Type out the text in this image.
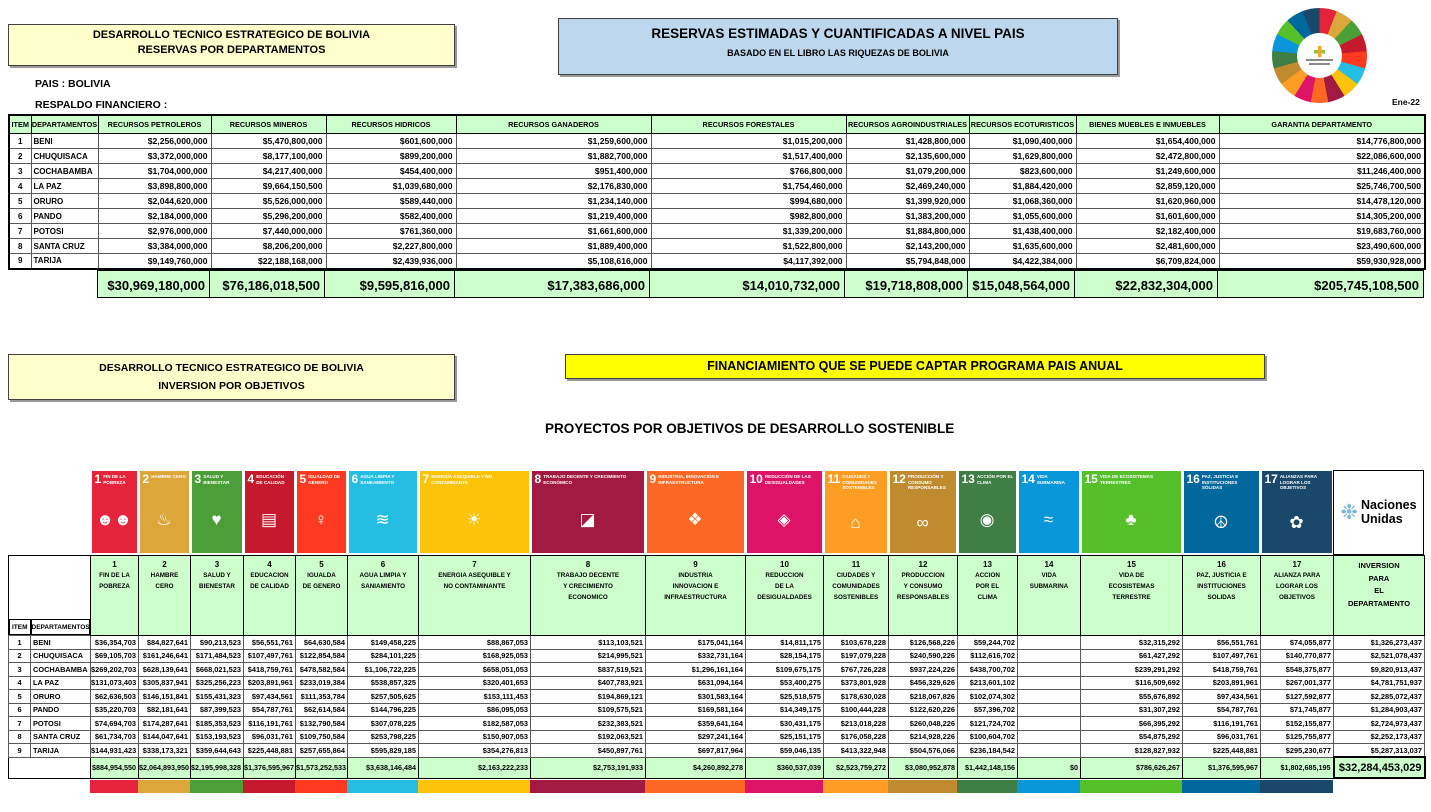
DESARROLLO TECNICO ESTRATEGICO DE BOLIVIA
RESERVAS POR DEPARTAMENTOS
RESERVAS ESTIMADAS Y CUANTIFICADAS A NIVEL PAIS
BASADO EN EL LIBRO LAS RIQUEZAS DE BOLIVIA
PAIS : BOLIVIA
RESPALDO FINANCIERO :	Ene-22
ITEM	DEPARTAMENTOS	RECURSOS PETROLEROS	RECURSOS MINEROS	RECURSOS HIDRICOS	RECURSOS GANADEROS	RECURSOS FORESTALES	RECURSOS AGROINDUSTRIALES	RECURSOS ECOTURISTICOS	BIENES MUEBLES E INMUEBLES	GARANTIA DEPARTAMENTO
1	BENI	$2,256,000,000	$5,470,800,000	$601,600,000	$1,259,600,000	$1,015,200,000	$1,428,800,000	$1,090,400,000	$1,654,400,000	$14,776,800,000
2	CHUQUISACA	$3,372,000,000	$8,177,100,000	$899,200,000	$1,882,700,000	$1,517,400,000	$2,135,600,000	$1,629,800,000	$2,472,800,000	$22,086,600,000
3	COCHABAMBA	$1,704,000,000	$4,217,400,000	$454,400,000	$951,400,000	$766,800,000	$1,079,200,000	$823,600,000	$1,249,600,000	$11,246,400,000
4	LA PAZ	$3,898,800,000	$9,664,150,500	$1,039,680,000	$2,176,830,000	$1,754,460,000	$2,469,240,000	$1,884,420,000	$2,859,120,000	$25,746,700,500
5	ORURO	$2,044,620,000	$5,526,000,000	$589,440,000	$1,234,140,000	$994,680,000	$1,399,920,000	$1,068,360,000	$1,620,960,000	$14,478,120,000
6	PANDO	$2,184,000,000	$5,296,200,000	$582,400,000	$1,219,400,000	$982,800,000	$1,383,200,000	$1,055,600,000	$1,601,600,000	$14,305,200,000
7	POTOSI	$2,976,000,000	$7,440,000,000	$761,360,000	$1,661,600,000	$1,339,200,000	$1,884,800,000	$1,438,400,000	$2,182,400,000	$19,683,760,000
8	SANTA CRUZ	$3,384,000,000	$8,206,200,000	$2,227,800,000	$1,889,400,000	$1,522,800,000	$2,143,200,000	$1,635,600,000	$2,481,600,000	$23,490,600,000
9	TARIJA	$9,149,760,000	$22,188,168,000	$2,439,936,000	$5,108,616,000	$4,117,392,000	$5,794,848,000	$4,422,384,000	$6,709,824,000	$59,930,928,000
$30,969,180,000	$76,186,018,500	$9,595,816,000	$17,383,686,000	$14,010,732,000	$19,718,808,000 $15,048,564,000	$22,832,304,000	$205,745,108,500
DESARROLLO TECNICO ESTRATEGICO DE BOLIVIA
INVERSION POR OBJETIVOS
FINANCIAMIENTO QUE SE PUEDE CAPTAR PROGRAMA PAIS ANUAL
PROYECTOS POR OBJETIVOS DE DESARROLLO SOSTENIBLE
1 FIN DE LA POBREZA
☻☻
2 HAMBRE CERO
♨
3 SALUD Y BIENESTAR
♥
4 EDUCACIÓN DE CALIDAD
▤
5 IGUALDAD DE GÉNERO
♀
6 AGUA LIMPIA Y SANEAMIENTO
≋
7 ENERGÍA ASEQUIBLE Y NO CONTAMINANTE
☀
8 TRABAJO DECENTE Y CRECIMIENTO ECONÓMICO
◪
9 INDUSTRIA, INNOVACIÓN E INFRAESTRUCTURA
❖
10 REDUCCIÓN DE LAS DESIGUALDADES
◈
11 CIUDADES Y COMUNIDADES SOSTENIBLES
⌂
12 PRODUCCIÓN Y CONSUMO RESPONSABLES
∞
13 ACCIÓN POR EL CLIMA
◉
14 VIDA SUBMARINA
≈
15 VIDA DE ECOSISTEMAS TERRESTRES
♣
16 PAZ, JUSTICIA E INSTITUCIONES SÓLIDAS
☮
17 ALIANZAS PARA LOGRAR LOS OBJETIVOS
✿	❉ Naciones
Unidas
ITEM	DEPARTAMENTOS

1
FIN DE LA
POBREZA

2
HAMBRE
CERO

3
SALUD Y
BIENESTAR

4
EDUCACION
DE CALIDAD

5
IGUALDA
DE GENERO

6
AGUA LIMPIA Y
SANIAMIENTO

7
ENERGIA ASEQUIBLE Y
NO CONTAMINANTE

8
TRABAJO DECENTE
Y CRECIMIENTO
ECONOMICO

9
INDUSTRIA
INNOVACION E
INFRAESTRUCTURA

10
REDUCCION
DE LA
DESIGUALDADES

11
CIUDADES Y
COMUNIDADES
SOSTENIBLES

12
PRODUCCION
Y CONSUMO
RESPONSABLES

13
ACCION
POR EL
CLIMA

14
VIDA
SUBMARINA

15
VIDA DE
ECOSISTEMAS
TERRESTRE

16
PAZ, JUSTICIA E
INSTITUCIONES
SOLIDAS

17
ALIANZA PARA
LOGRAR LOS
OBJETIVOS

INVERSION
PARA
EL
DEPARTAMENTO

1	BENI	$36,354,703	$84,827,641	$90,213,523	$56,551,761	$64,630,584	$149,458,225	$88,867,053	$113,103,521	$175,041,164	$14,811,175	$103,678,228	$126,568,226	$59,244,702		$32,315,292	$56,551,761	$74,055,877	$1,326,273,437
2	CHUQUISACA	$69,105,703	$161,246,641	$171,484,523	$107,497,761	$122,854,584	$284,101,225	$168,925,053	$214,995,521	$332,731,164	$28,154,175	$197,079,228	$240,590,226	$112,616,702		$61,427,292	$107,497,761	$140,770,877	$2,521,078,437
3	COCHABAMBA	$269,202,703	$628,139,641	$668,021,523	$418,759,761	$478,582,584	$1,106,722,225	$658,051,053	$837,519,521	$1,296,161,164	$109,675,175	$767,726,228	$937,224,226	$438,700,702		$239,291,292	$418,759,761	$548,375,877	$9,820,913,437
4	LA PAZ	$131,073,403	$305,837,941	$325,256,223	$203,891,961	$233,019,384	$538,857,325	$320,401,653	$407,783,921	$631,094,164	$53,400,275	$373,801,928	$456,329,626	$213,601,102		$116,509,692	$203,891,961	$267,001,377	$4,781,751,937
5	ORURO	$62,636,503	$146,151,841	$155,431,323	$97,434,561	$111,353,784	$257,505,625	$153,111,453	$194,869,121	$301,583,164	$25,518,575	$178,630,028	$218,067,826	$102,074,302		$55,676,892	$97,434,561	$127,592,877	$2,285,072,437
6	PANDO	$35,220,703	$82,181,641	$87,399,523	$54,787,761	$62,614,584	$144,796,225	$86,095,053	$109,575,521	$169,581,164	$14,349,175	$100,444,228	$122,620,226	$57,396,702		$31,307,292	$54,787,761	$71,745,877	$1,284,903,437
7	POTOSI	$74,694,703	$174,287,641	$185,353,523	$116,191,761	$132,790,584	$307,078,225	$182,587,053	$232,383,521	$359,641,164	$30,431,175	$213,018,228	$260,048,226	$121,724,702		$66,395,292	$116,191,761	$152,155,877	$2,724,973,437
8	SANTA CRUZ	$61,734,703	$144,047,641	$153,193,523	$96,031,761	$109,750,584	$253,798,225	$150,907,053	$192,063,521	$297,241,164	$25,151,175	$176,058,228	$214,928,226	$100,604,702		$54,875,292	$96,031,761	$125,755,877	$2,252,173,437
9	TARIJA	$144,931,423	$338,173,321	$359,644,643	$225,448,881	$257,655,864	$595,829,185	$354,276,813	$450,897,761	$697,817,964	$59,046,135	$413,322,948	$504,576,066	$236,184,542		$128,827,932	$225,448,881	$295,230,677	$5,287,313,037
		$884,954,550	$2,064,893,950	$2,195,998,328	$1,376,595,967	$1,573,252,533	$3,638,146,484	$2,163,222,233	$2,753,191,933	$4,260,892,278	$360,537,039	$2,523,759,272	$3,080,952,878	$1,442,148,156	$0	$786,626,267	$1,376,595,967	$1,802,685,195	$32,284,453,029
